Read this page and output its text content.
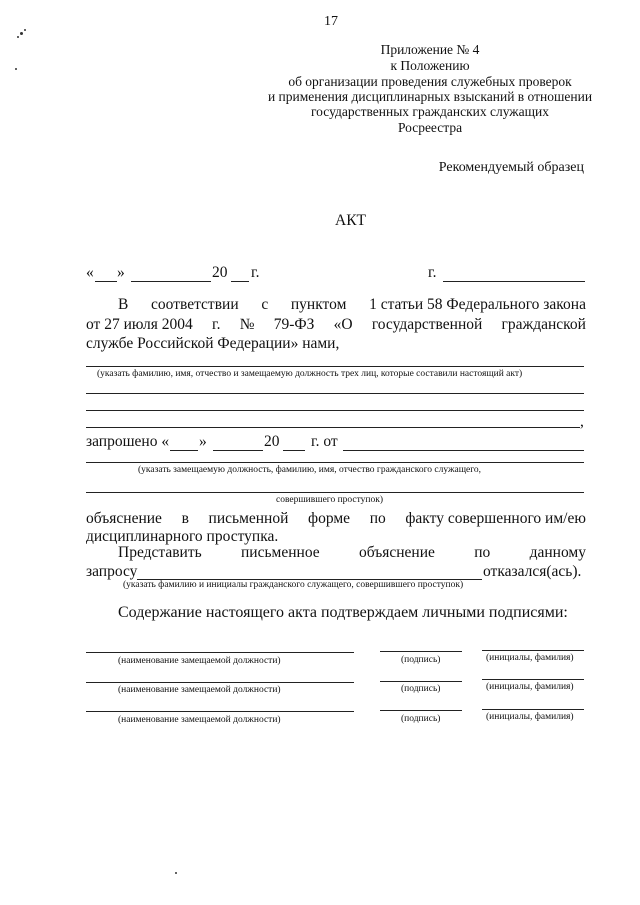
17
Приложение № 4
к Положению
об организации проведения служебных проверок
и применения дисциплинарных взысканий в отношении
государственных гражданских служащих
Росреестра
Рекомендуемый образец
АКТ
« »	20 г.	г.
В соответствии с пунктом 1 статьи 58 Федерального закона
от 27 июля 2004 г. № 79-ФЗ «О государственной гражданской
службе Российской Федерации» нами,
(указать фамилию, имя, отчество и замещаемую должность трех лиц, которые составили настоящий акт)
,
запрошено « »	20 г. от
(указать замещаемую должность, фамилию, имя, отчество гражданского служащего,
совершившего проступок)
объяснение в письменной форме по факту совершенного им/ею
дисциплинарного проступка.
Представить	письменное	объяснение	по	данному
запросу	отказался(ась).
(указать фамилию и инициалы гражданского служащего, совершившего проступок)
Содержание настоящего акта подтверждаем личными подписями:
(наименование замещаемой должности)	(подпись)	(инициалы, фамилия)
(наименование замещаемой должности)	(подпись)	(инициалы, фамилия)
(наименование замещаемой должности)	(подпись)	(инициалы, фамилия)
